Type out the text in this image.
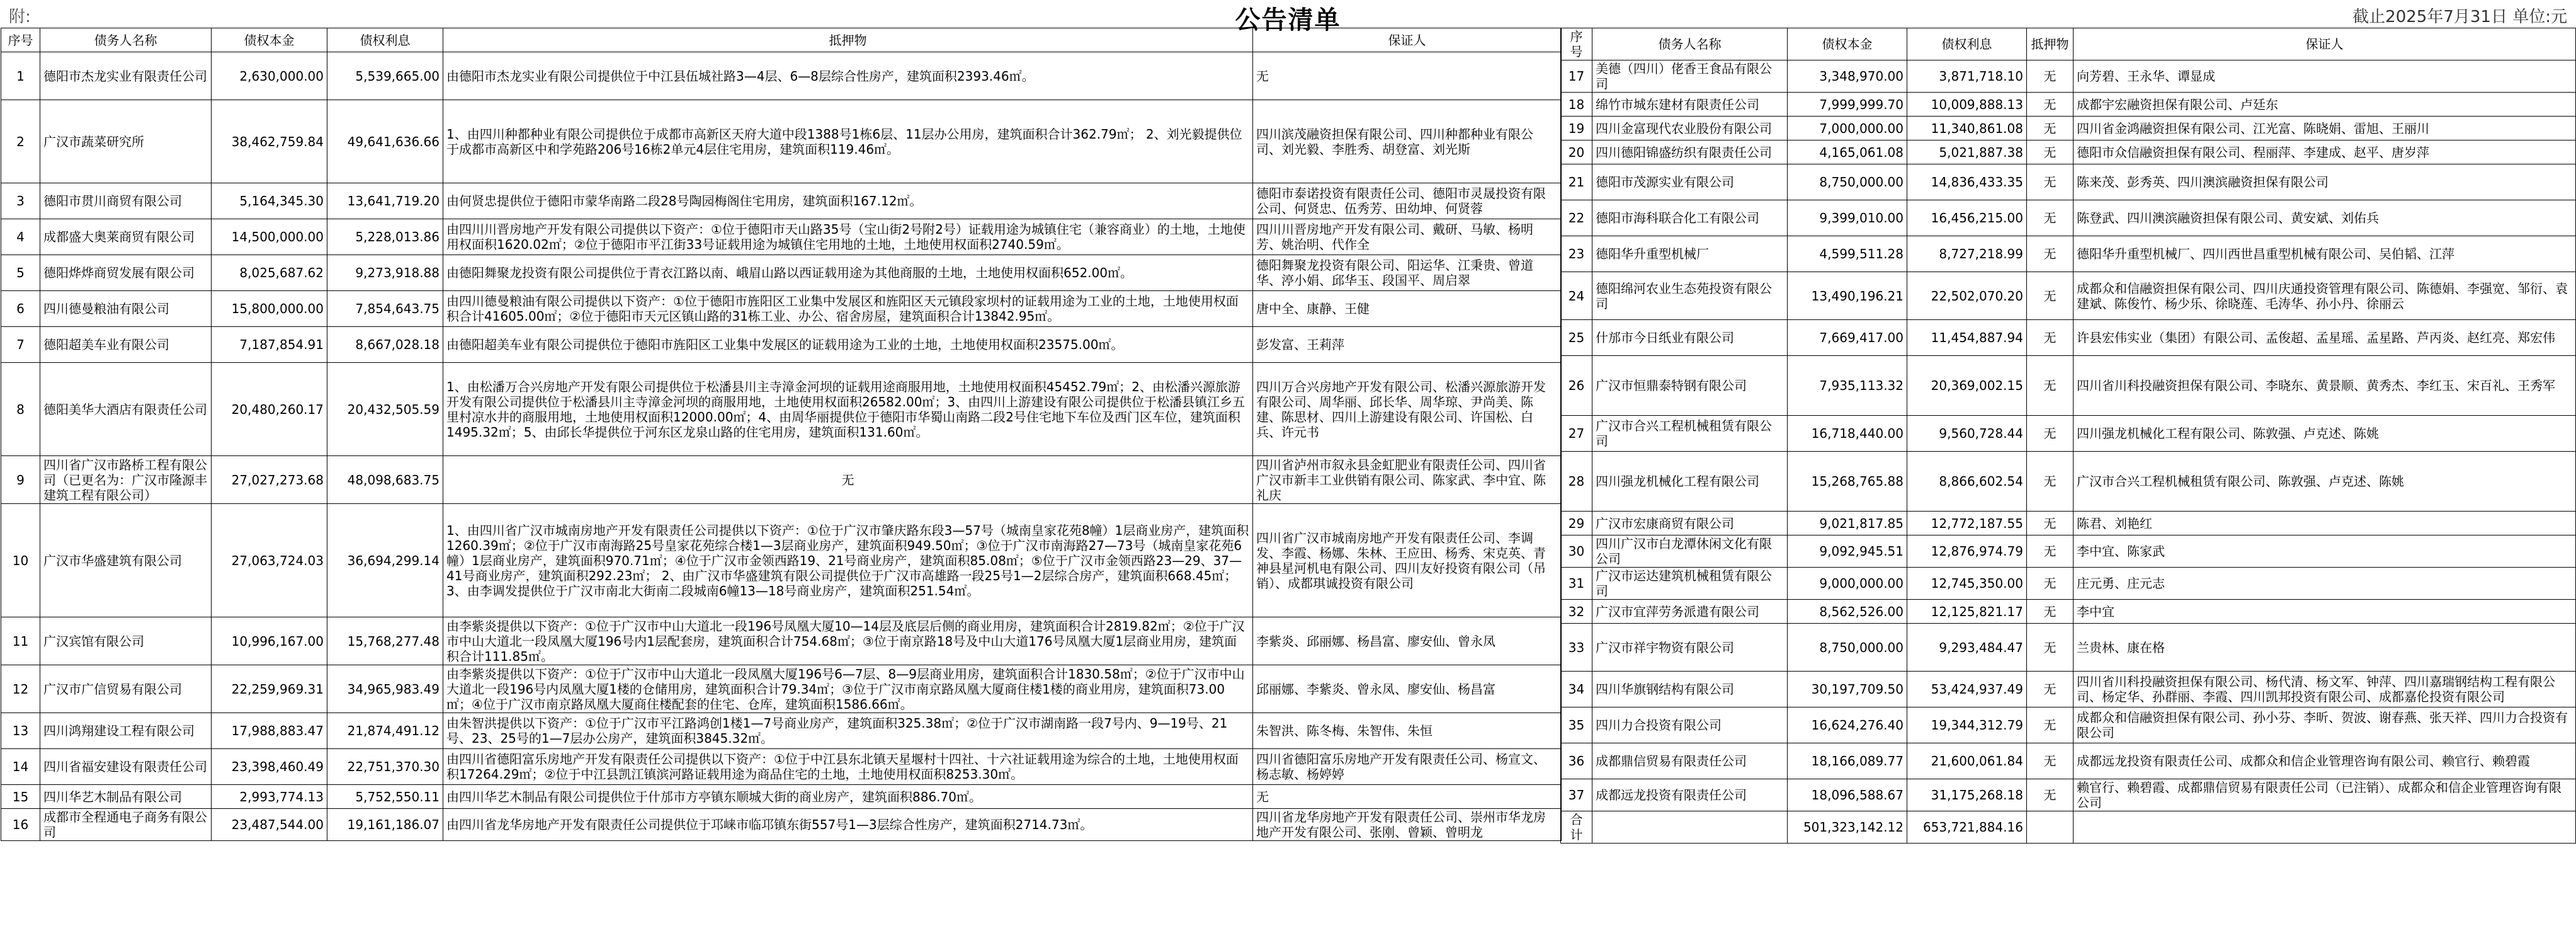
附:	公告清单	截止2025年7月31日 单位:元
序号	债务人名称	债权本金	债权利息	抵押物	保证人
1	德阳市杰龙实业有限责任公司	2,630,000.00	5,539,665.00	由德阳市杰龙实业有限公司提供位于中江县伍城社路3—4层、6—8层综合性房产，建筑面积2393.46㎡。	无
2	广汉市蔬菜研究所	38,462,759.84	49,641,636.66	1、由四川种都种业有限公司提供位于成都市高新区天府大道中段1388号1栋6层、11层办公用房，建筑面积合计362.79㎡； 2、刘光毅提供位于成都市高新区中和学苑路206号16栋2单元4层住宅用房，建筑面积119.46㎡。	四川滨茂融资担保有限公司、四川种都种业有限公司、刘光毅、李胜秀、胡登富、刘光斯
3	德阳市贯川商贸有限公司	5,164,345.30	13,641,719.20	由何贤忠提供位于德阳市蒙华南路二段28号陶园梅阁住宅用房，建筑面积167.12㎡。	德阳市泰诺投资有限责任公司、德阳市灵晟投资有限公司、何贤忠、伍秀芳、田幼坤、何贤蓉
4	成都盛大奥莱商贸有限公司	14,500,000.00	5,228,013.86	由四川川晋房地产开发有限公司提供以下资产：①位于德阳市天山路35号（宝山街2号附2号）证载用途为城镇住宅（兼容商业）的土地，土地使用权面积1620.02㎡；②位于德阳市平江街33号证载用途为城镇住宅用地的土地，土地使用权面积2740.59㎡。	四川川晋房地产开发有限公司、戴研、马敏、杨明芳、姚治明、代作全
5	德阳烨烨商贸发展有限公司	8,025,687.62	9,273,918.88	由德阳舞聚龙投资有限公司提供位于青衣江路以南、峨眉山路以西证载用途为其他商服的土地，土地使用权面积652.00㎡。	德阳舞聚龙投资有限公司、阳运华、江秉贵、曾道华、渟小娟、邱华玉、段国平、周启翠
6	四川德曼粮油有限公司	15,800,000.00	7,854,643.75	由四川德曼粮油有限公司提供以下资产：①位于德阳市旌阳区工业集中发展区和旌阳区天元镇段家坝村的证载用途为工业的土地，土地使用权面积合计41605.00㎡；②位于德阳市天元区镇山路的31栋工业、办公、宿舍房屋，建筑面积合计13842.95㎡。	唐中全、康静、王健
7	德阳超美车业有限公司	7,187,854.91	8,667,028.18	由德阳超美车业有限公司提供位于德阳市旌阳区工业集中发展区的证载用途为工业的土地，土地使用权面积23575.00㎡。	彭发富、王莉萍
8	德阳美华大酒店有限责任公司	20,480,260.17	20,432,505.59	1、由松潘万合兴房地产开发有限公司提供位于松潘县川主寺漳金河坝的证载用途商服用地，土地使用权面积45452.79㎡；2、由松潘兴源旅游开发有限公司提供位于松潘县川主寺漳金河坝的商服用地，土地使用权面积26582.00㎡；3、由四川上游建设有限公司提供位于松潘县镇江乡五里村凉水井的商服用地，土地使用权面积12000.00㎡；4、由周华丽提供位于德阳市华蜀山南路二段2号住宅地下车位及西门区车位，建筑面积1495.32㎡；5、由邱长华提供位于河东区龙泉山路的住宅用房，建筑面积131.60㎡。	四川万合兴房地产开发有限公司、松潘兴源旅游开发有限公司、周华丽、邱长华、周华琼、尹尚美、陈建、陈思材、四川上游建设有限公司、许国松、白兵、许元书
9	四川省广汉市路桥工程有限公司（已更名为：广汉市隆源丰建筑工程有限公司）	27,027,273.68	48,098,683.75	无	四川省泸州市叙永县金虹肥业有限责任公司、四川省广汉市新丰工业供销有限公司、陈家武、李中宜、陈礼庆
10	广汉市华盛建筑有限公司	27,063,724.03	36,694,299.14	1、由四川省广汉市城南房地产开发有限责任公司提供以下资产：①位于广汉市肇庆路东段3—57号（城南皇家花苑8幢）1层商业房产，建筑面积1260.39㎡；②位于广汉市南海路25号皇家花苑综合楼1—3层商业房产，建筑面积949.50㎡；③位于广汉市南海路27—73号（城南皇家花苑6幢）1层商业房产，建筑面积970.71㎡；④位于广汉市金领西路19、21号商业房产，建筑面积85.08㎡；⑤位于广汉市金领西路23—29、37—41号商业房产，建筑面积292.23㎡； 2、由广汉市华盛建筑有限公司提供位于广汉市高雄路一段25号1—2层综合房产，建筑面积668.45㎡； 3、由李调发提供位于广汉市南北大街南二段城南6幢13—18号商业房产，建筑面积251.54㎡。	四川省广汉市城南房地产开发有限责任公司、李调发、李霞、杨娜、朱林、王应田、杨秀、宋克英、青神县星河机电有限公司、四川友好投资有限公司（吊销）、成都琪诚投资有限公司
11	广汉宾馆有限公司	10,996,167.00	15,768,277.48	由李紫炎提供以下资产：①位于广汉市中山大道北一段196号凤凰大厦10—14层及底层后侧的商业用房，建筑面积合计2819.82㎡；②位于广汉市中山大道北一段凤凰大厦196号内1层配套房，建筑面积合计754.68㎡；③位于南京路18号及中山大道176号凤凰大厦1层商业用房，建筑面积合计111.85㎡。	李紫炎、邱丽娜、杨昌富、廖安仙、曾永凤
12	广汉市广信贸易有限公司	22,259,969.31	34,965,983.49	由李紫炎提供以下资产：①位于广汉市中山大道北一段凤凰大厦196号6—7层、8—9层商业用房，建筑面积合计1830.58㎡；②位于广汉市中山大道北一段196号内凤凰大厦1楼的仓储用房，建筑面积合计79.34㎡；③位于广汉市南京路凤凰大厦商住楼1楼的商业用房，建筑面积73.00㎡；④位于广汉市南京路凤凰大厦商住楼配套的住宅、仓库，建筑面积1586.66㎡。	邱丽娜、李紫炎、曾永凤、廖安仙、杨昌富
13	四川鸿翔建设工程有限公司	17,988,883.47	21,874,491.12	由朱智洪提供以下资产：①位于广汉市平江路鸿创1楼1—7号商业房产，建筑面积325.38㎡；②位于广汉市湖南路一段7号内、9—19号、21号、23、25号的1—7层办公房产，建筑面积3845.32㎡。	朱智洪、陈冬梅、朱智伟、朱恒
14	四川省福安建设有限责任公司	23,398,460.49	22,751,370.30	由四川省德阳富乐房地产开发有限责任公司提供以下资产：①位于中江县东北镇天星堰村十四社、十六社证载用途为综合的土地，土地使用权面积17264.29㎡；②位于中江县凯江镇滨河路证载用途为商品住宅的土地，土地使用权面积8253.30㎡。	四川省德阳富乐房地产开发有限责任公司、杨宣文、杨志敏、杨婷婷
15	四川华艺木制品有限公司	2,993,774.13	5,752,550.11	由四川华艺木制品有限公司提供位于什邡市方亭镇东顺城大街的商业房产，建筑面积886.70㎡。	无
16	成都市全程通电子商务有限公司	23,487,544.00	19,161,186.07	由四川省龙华房地产开发有限责任公司提供位于邛崃市临邛镇东街557号1—3层综合性房产，建筑面积2714.73㎡。	四川省龙华房地产开发有限责任公司、崇州市华龙房地产开发有限公司、张刚、曾颖、曾明龙
序号	债务人名称	债权本金	债权利息	抵押物	保证人
17	美德（四川）佬香王食品有限公司	3,348,970.00	3,871,718.10	无	向芳碧、王永华、谭显成
18	绵竹市城东建材有限责任公司	7,999,999.70	10,009,888.13	无	成都宇宏融资担保有限公司、卢廷东
19	四川金富现代农业股份有限公司	7,000,000.00	11,340,861.08	无	四川省金鸿融资担保有限公司、江光富、陈晓娟、雷旭、王丽川
20	四川德阳锦盛纺织有限责任公司	4,165,061.08	5,021,887.38	无	德阳市众信融资担保有限公司、程丽萍、李建成、赵平、唐岁萍
21	德阳市茂源实业有限公司	8,750,000.00	14,836,433.35	无	陈来茂、彭秀英、四川澳滨融资担保有限公司
22	德阳市海科联合化工有限公司	9,399,010.00	16,456,215.00	无	陈登武、四川澳滨融资担保有限公司、黄安斌、刘佑兵
23	德阳华升重型机械厂	4,599,511.28	8,727,218.99	无	德阳华升重型机械厂、四川西世昌重型机械有限公司、吴伯韬、江萍
24	德阳绵河农业生态苑投资有限公司	13,490,196.21	22,502,070.20	无	成都众和信融资担保有限公司、四川庆通投资管理有限公司、陈德娟、李强宽、邹衍、袁建斌、陈俊竹、杨少乐、徐晓莲、毛涛华、孙小丹、徐丽云
25	什邡市今日纸业有限公司	7,669,417.00	11,454,887.94	无	许县宏伟实业（集团）有限公司、孟俊超、孟星瑶、孟星路、芦丙炎、赵红亮、郑宏伟
26	广汉市恒鼎泰特钢有限公司	7,935,113.32	20,369,002.15	无	四川省川科投融资担保有限公司、李晓东、黄景顺、黄秀杰、李红玉、宋百礼、王秀军
27	广汉市合兴工程机械租赁有限公司	16,718,440.00	9,560,728.44	无	四川强龙机械化工程有限公司、陈敦强、卢克述、陈姚
28	四川强龙机械化工程有限公司	15,268,765.88	8,866,602.54	无	广汉市合兴工程机械租赁有限公司、陈敦强、卢克述、陈姚
29	广汉市宏康商贸有限公司	9,021,817.85	12,772,187.55	无	陈君、刘艳红
30	四川广汉市白龙潭休闲文化有限公司	9,092,945.51	12,876,974.79	无	李中宜、陈家武
31	广汉市运达建筑机械租赁有限公司	9,000,000.00	12,745,350.00	无	庄元勇、庄元志
32	广汉市宜萍劳务派遣有限公司	8,562,526.00	12,125,821.17	无	李中宜
33	广汉市祥宇物资有限公司	8,750,000.00	9,293,484.47	无	兰贵林、康在格
34	四川华旗钢结构有限公司	30,197,709.50	53,424,937.49	无	四川省川科投融资担保有限公司、杨代清、杨文军、钟萍、四川嘉瑞钢结构工程有限公司、杨定华、孙群丽、李霞、四川凯邦投资有限公司、成都嘉伦投资有限公司
35	四川力合投资有限公司	16,624,276.40	19,344,312.79	无	成都众和信融资担保有限公司、孙小芬、李昕、贺波、谢春燕、张天祥、四川力合投资有限公司
36	成都鼎信贸易有限责任公司	18,166,089.77	21,600,061.84	无	成都远龙投资有限责任公司、成都众和信企业管理咨询有限公司、赖官行、赖碧霞
37	成都远龙投资有限责任公司	18,096,588.67	31,175,268.18	无	赖官行、赖碧霞、成都鼎信贸易有限责任公司（已注销）、成都众和信企业管理咨询有限公司
合计		501,323,142.12	653,721,884.16		
